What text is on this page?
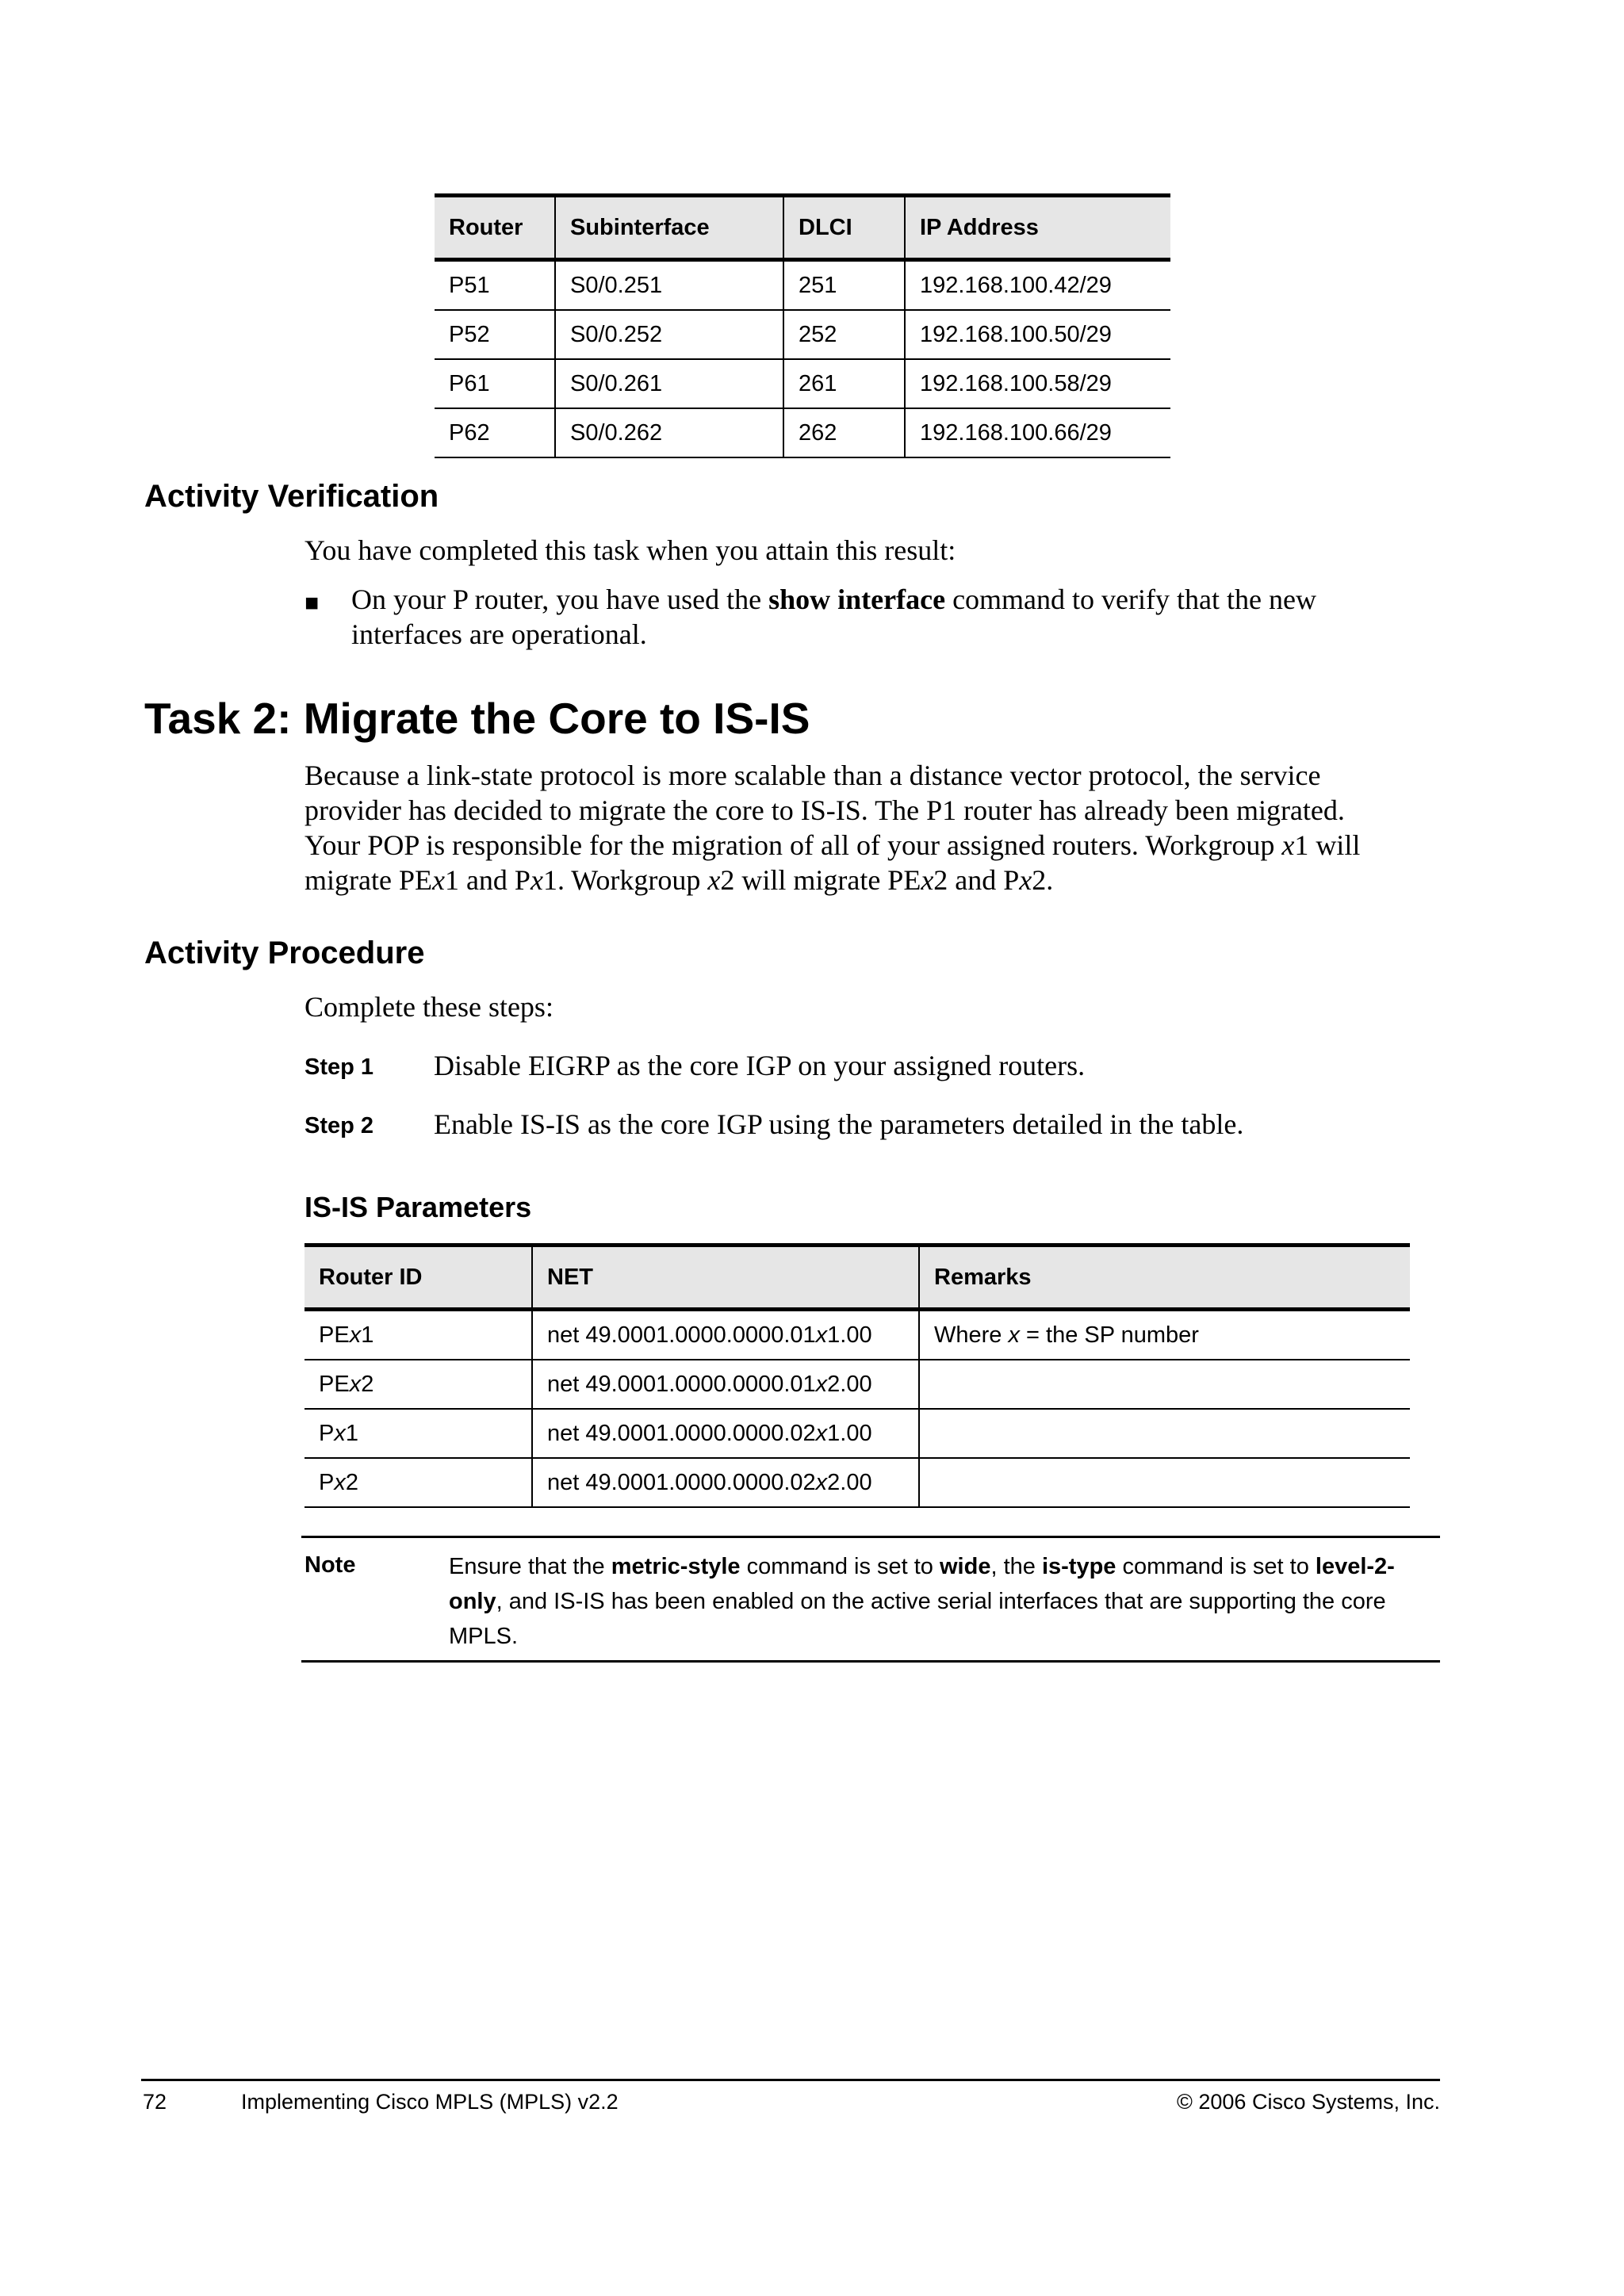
Router	Subinterface	DLCI	IP Address
P51	S0/0.251	251	192.168.100.42/29
P52	S0/0.252	252	192.168.100.50/29
P61	S0/0.261	261	192.168.100.58/29
P62	S0/0.262	262	192.168.100.66/29
Activity Verification

You have completed this task when you attain this result:

■ On your P router, you have used the show interface command to verify that the new

interfaces are operational.

Task 2: Migrate the Core to IS-IS

Because a link-state protocol is more scalable than a distance vector protocol, the service

provider has decided to migrate the core to IS-IS. The P1 router has already been migrated.

Your POP is responsible for the migration of all of your assigned routers. Workgroup x1 will

migrate PEx1 and Px1. Workgroup x2 will migrate PEx2 and Px2.

Activity Procedure

Complete these steps:

Step 1 Disable EIGRP as the core IGP on your assigned routers.

Step 2 Enable IS-IS as the core IGP using the parameters detailed in the table.

IS-IS Parameters
Router ID	NET	Remarks
PEx1	net 49.0001.0000.0000.01x1.00	Where x = the SP number
PEx2	net 49.0001.0000.0000.01x2.00	
Px1	net 49.0001.0000.0000.02x1.00	
Px2	net 49.0001.0000.0000.02x2.00	
Note	Ensure that the metric-style command is set to wide, the is-type command is set to level-2-only, and IS-IS has been enabled on the active serial interfaces that are supporting the core MPLS.
72	Implementing Cisco MPLS (MPLS) v2.2	© 2006 Cisco Systems, Inc.
